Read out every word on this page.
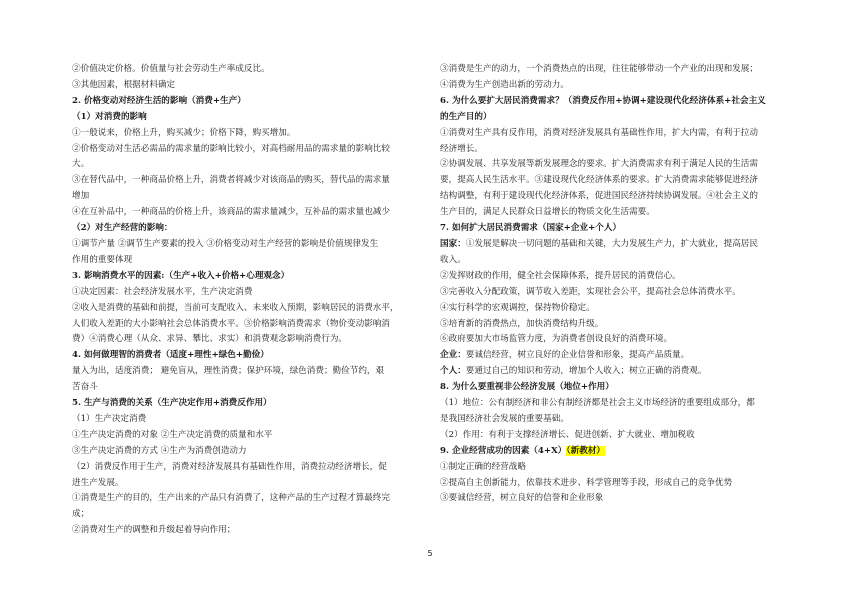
②价值决定价格。价值量与社会劳动生产率成反比。
③其他因素，根据材料确定
2. 价格变动对经济生活的影响（消费+生产）
（1）对消费的影响
①一般说来，价格上升，购买减少；价格下降，购买增加。
②价格变动对生活必需品的需求量的影响比较小，对高档耐用品的需求量的影响比较
大。
③在替代品中，一种商品价格上升，消费者将减少对该商品的购买，替代品的需求量
增加
④在互补品中，一种商品的价格上升，该商品的需求量减少，互补品的需求量也减少
（2）对生产经营的影响：
①调节产量 ②调节生产要素的投入 ③价格变动对生产经营的影响是价值规律发生
作用的重要体现
3. 影响消费水平的因素:（生产+收入+价格+心理观念）
①决定因素：社会经济发展水平，生产决定消费
②收入是消费的基础和前提，当前可支配收入、未来收入预期，影响居民的消费水平，
人们收入差距的大小影响社会总体消费水平。③价格影响消费需求（物价变动影响消
费）④消费心理（从众、求异、攀比、求实）和消费观念影响消费行为。
4. 如何做理智的消费者（适度+理性+绿色+勤俭）
量入为出，适度消费； 避免盲从，理性消费；保护环境，绿色消费；勤俭节约，艰
苦奋斗
5. 生产与消费的关系（生产决定作用+消费反作用）
（1）生产决定消费
①生产决定消费的对象 ②生产决定消费的质量和水平
③生产决定消费的方式 ④生产为消费创造动力
（2）消费反作用于生产，消费对经济发展具有基础性作用，消费拉动经济增长，促
进生产发展。
①消费是生产的目的，生产出来的产品只有消费了，这种产品的生产过程才算最终完
成；
②消费对生产的调整和升级起着导向作用；
③消费是生产的动力，一个消费热点的出现，往往能够带动一个产业的出现和发展；
④消费为生产创造出新的劳动力。
6. 为什么要扩大居民消费需求？（消费反作用+协调+建设现代化经济体系+社会主义
的生产目的）
①消费对生产具有反作用，消费对经济发展具有基础性作用，扩大内需，有利于拉动
经济增长。
②协调发展、共享发展等新发展理念的要求。扩大消费需求有利于满足人民的生活需
要，提高人民生活水平。③建设现代化经济体系的要求。扩大消费需求能够促进经济
结构调整，有利于建设现代化经济体系，促进国民经济持续协调发展。④社会主义的
生产目的，满足人民群众日益增长的物质文化生活需要。
7. 如何扩大居民消费需求（国家+企业+个人）
国家：①发展是解决一切问题的基础和关键，大力发展生产力，扩大就业，提高居民
收入。
②发挥财政的作用，健全社会保障体系，提升居民的消费信心。
③完善收入分配政策，调节收入差距，实现社会公平，提高社会总体消费水平。
④实行科学的宏观调控，保持物价稳定。
⑤培育新的消费热点，加快消费结构升级。
⑥政府要加大市场监管力度，为消费者创设良好的消费环境。
企业：要诚信经营，树立良好的企业信誉和形象，提高产品质量。
个人：要通过自己的知识和劳动，增加个人收入；树立正确的消费观。
8. 为什么要重视非公经济发展（地位+作用）
（1）地位：公有制经济和非公有制经济都是社会主义市场经济的重要组成部分，都
是我国经济社会发展的重要基础。
（2）作用：有利于支撑经济增长、促进创新、扩大就业、增加税收
9. 企业经营成功的因素（4+X）（新教材）
①制定正确的经营战略
②提高自主创新能力，依靠技术进步、科学管理等手段，形成自己的竞争优势
③要诚信经营，树立良好的信誉和企业形象
5
